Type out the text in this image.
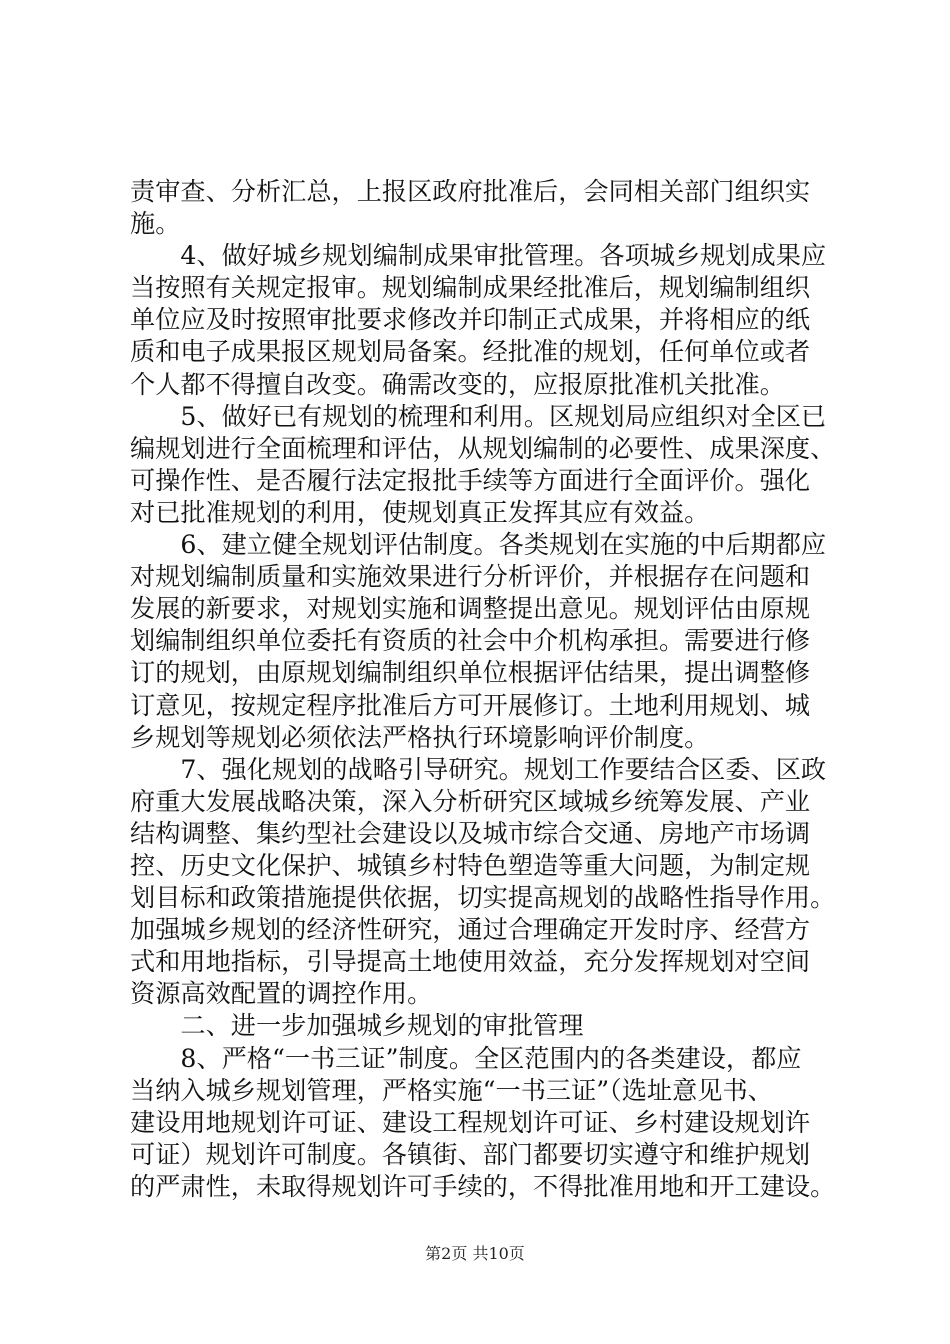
责审查、分析汇总，上报区政府批准后，会同相关部门组织实
施。
　　4、做好城乡规划编制成果审批管理。各项城乡规划成果应
当按照有关规定报审。规划编制成果经批准后，规划编制组织
单位应及时按照审批要求修改并印制正式成果，并将相应的纸
质和电子成果报区规划局备案。经批准的规划，任何单位或者
个人都不得擅自改变。确需改变的，应报原批准机关批准。
　　5、做好已有规划的梳理和利用。区规划局应组织对全区已
编规划进行全面梳理和评估，从规划编制的必要性、成果深度、
可操作性、是否履行法定报批手续等方面进行全面评价。强化
对已批准规划的利用，使规划真正发挥其应有效益。
　　6、建立健全规划评估制度。各类规划在实施的中后期都应
对规划编制质量和实施效果进行分析评价，并根据存在问题和
发展的新要求，对规划实施和调整提出意见。规划评估由原规
划编制组织单位委托有资质的社会中介机构承担。需要进行修
订的规划，由原规划编制组织单位根据评估结果，提出调整修
订意见，按规定程序批准后方可开展修订。土地利用规划、城
乡规划等规划必须依法严格执行环境影响评价制度。
　　7、强化规划的战略引导研究。规划工作要结合区委、区政
府重大发展战略决策，深入分析研究区域城乡统筹发展、产业
结构调整、集约型社会建设以及城市综合交通、房地产市场调
控、历史文化保护、城镇乡村特色塑造等重大问题，为制定规
划目标和政策措施提供依据，切实提高规划的战略性指导作用。
加强城乡规划的经济性研究，通过合理确定开发时序、经营方
式和用地指标，引导提高土地使用效益，充分发挥规划对空间
资源高效配置的调控作用。
　　二、进一步加强城乡规划的审批管理
　　8、严格“一书三证”制度。全区范围内的各类建设，都应
当纳入城乡规划管理，严格实施“一书三证”（选址意见书、
建设用地规划许可证、建设工程规划许可证、乡村建设规划许
可证）规划许可制度。各镇街、部门都要切实遵守和维护规划
的严肃性，未取得规划许可手续的，不得批准用地和开工建设。
第2页 共10页
